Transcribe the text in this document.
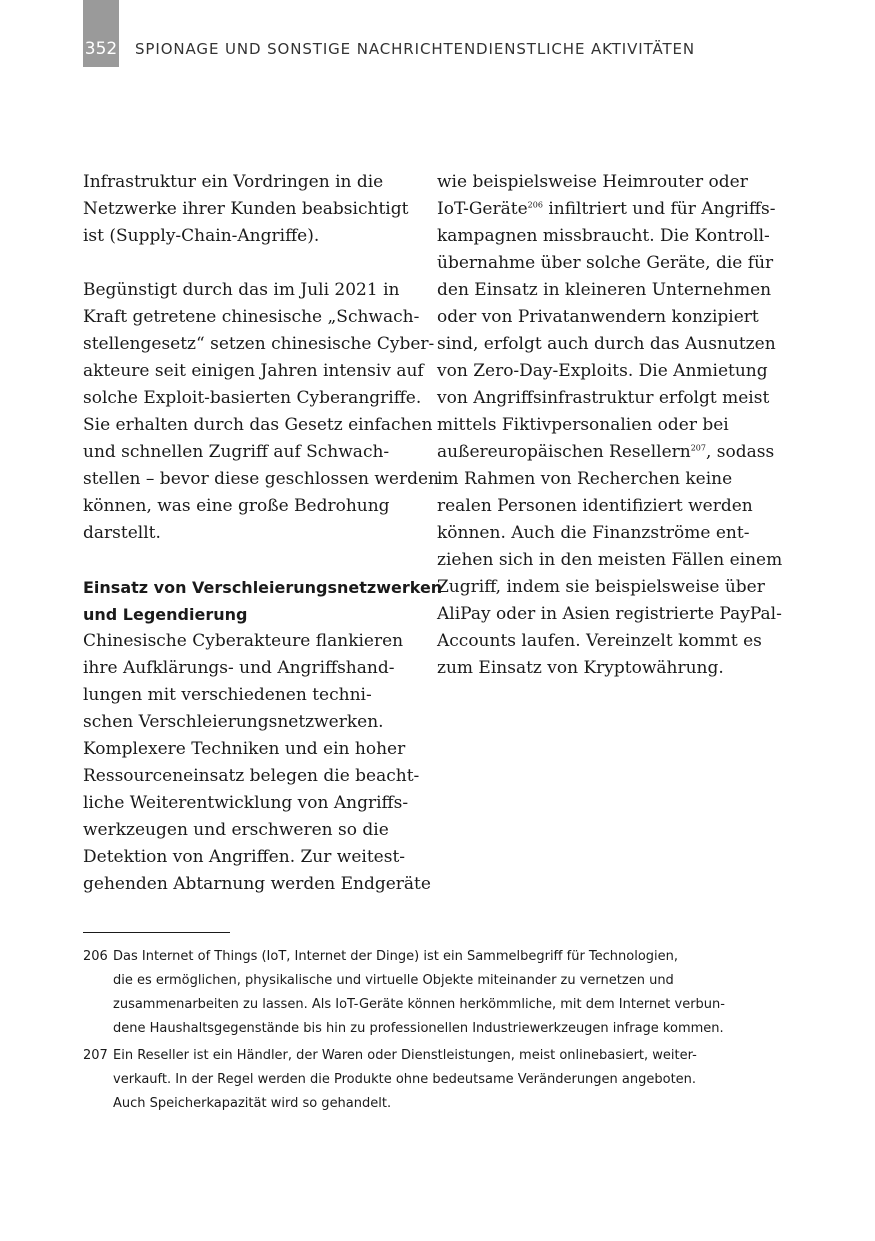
352 SPIONAGE UND SONSTIGE NACHRICHTENDIENSTLICHE AKTIVITÄTEN
Infrastruktur ein Vordringen in die
Netzwerke ihrer Kunden beabsichtigt
ist (Supply-Chain-Angriffe).
Begünstigt durch das im Juli 2021 in
Kraft getretene chinesische „Schwach-
stellengesetz“ setzen chinesische Cyber-
akteure seit einigen Jahren intensiv auf
solche Exploit-basierten Cyberangriffe.
Sie erhalten durch das Gesetz einfachen
und schnellen Zugriff auf Schwach-
stellen – bevor diese geschlossen werden
können, was eine große Bedrohung
darstellt.
Einsatz von Verschleierungsnetzwerken
und Legendierung
Chinesische Cyberakteure flankieren
ihre Aufklärungs- und Angriffshand-
lungen mit verschiedenen techni-
schen Verschleierungsnetzwerken.
Komplexere Techniken und ein hoher
Ressourceneinsatz belegen die beacht-
liche Weiterentwicklung von Angriffs-
werkzeugen und erschweren so die
Detektion von Angriffen. Zur weitest-
gehenden Abtarnung werden Endgeräte
wie beispielsweise Heimrouter oder
IoT-Geräte$^{206}$ infiltriert und für Angriffs-
kampagnen missbraucht. Die Kontroll-
übernahme über solche Geräte, die für
den Einsatz in kleineren Unternehmen
oder von Privatanwendern konzipiert
sind, erfolgt auch durch das Ausnutzen
von Zero-Day-Exploits. Die Anmietung
von Angriffsinfrastruktur erfolgt meist
mittels Fiktivpersonalien oder bei
außereuropäischen Resellern$^{207}$, sodass
im Rahmen von Recherchen keine
realen Personen identifiziert werden
können. Auch die Finanzströme ent-
ziehen sich in den meisten Fällen einem
Zugriff, indem sie beispielsweise über
AliPay oder in Asien registrierte PayPal-
Accounts laufen. Vereinzelt kommt es
zum Einsatz von Kryptowährung.
206 Das Internet of Things (IoT, Internet der Dinge) ist ein Sammelbegriff für Technologien,
die es ermöglichen, physikalische und virtuelle Objekte miteinander zu vernetzen und
zusammenarbeiten zu lassen. Als IoT-Geräte können herkömmliche, mit dem Internet verbun-
dene Haushaltsgegenstände bis hin zu professionellen Industriewerkzeugen infrage kommen.
207 Ein Reseller ist ein Händler, der Waren oder Dienstleistungen, meist onlinebasiert, weiter-
verkauft. In der Regel werden die Produkte ohne bedeutsame Veränderungen angeboten.
Auch Speicherkapazität wird so gehandelt.
